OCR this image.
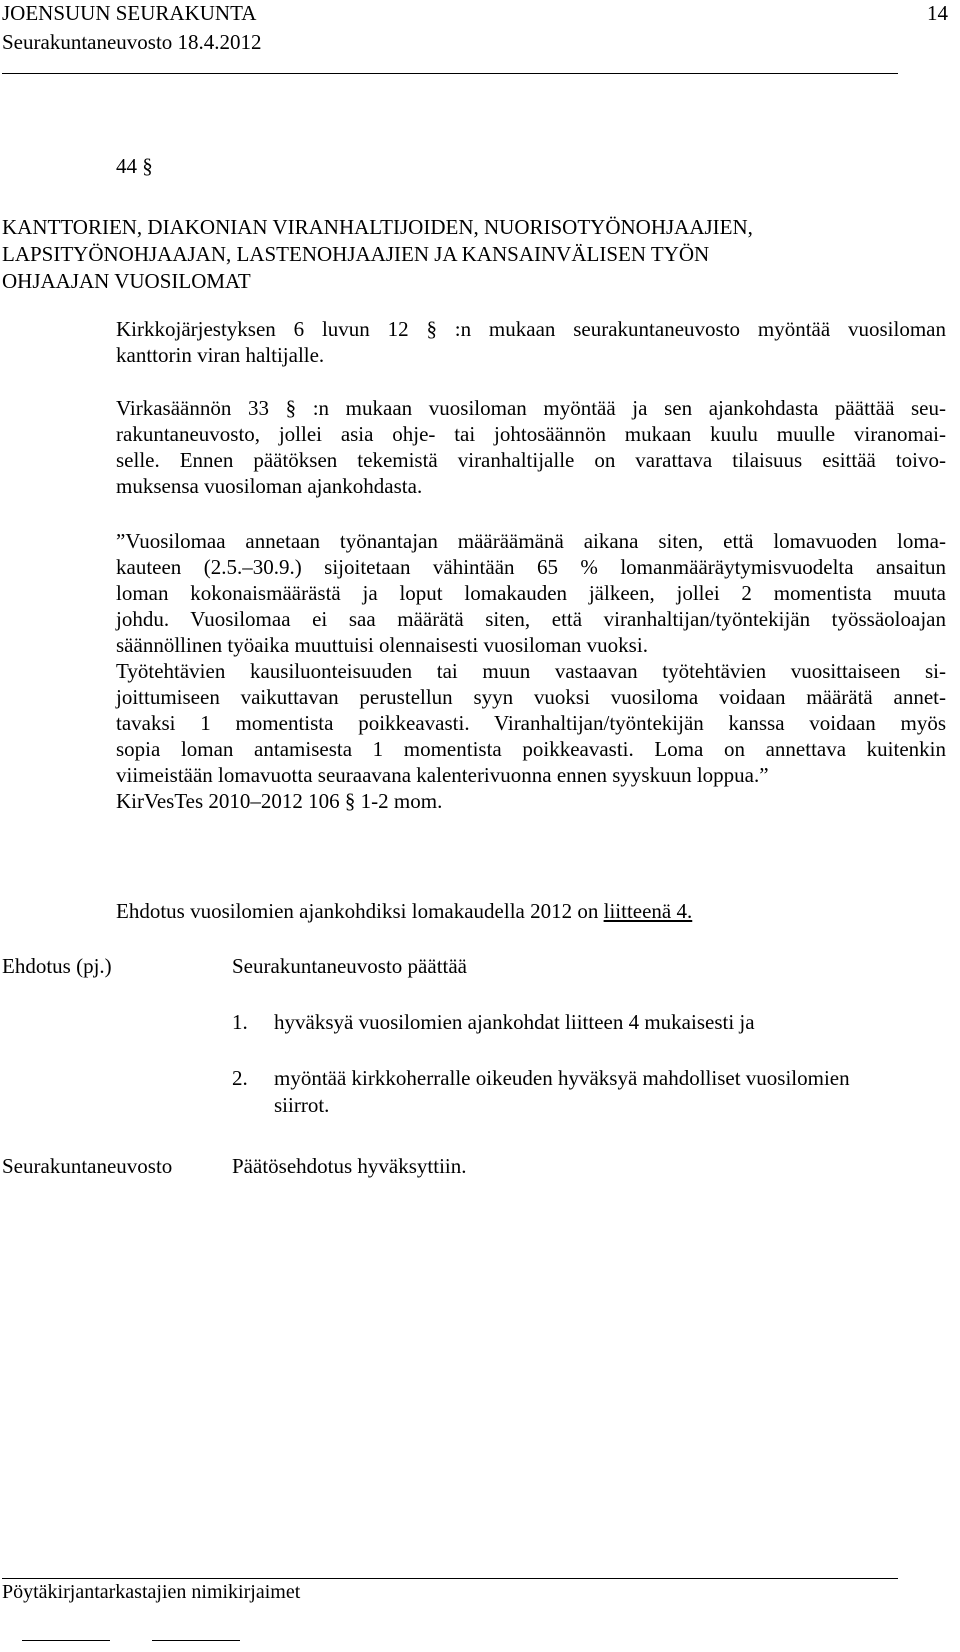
JOENSUUN SEURAKUNTA	14
Seurakuntaneuvosto 18.4.2012
44 §
KANTTORIEN, DIAKONIAN VIRANHALTIJOIDEN, NUORISOTYÖNOHJAAJIEN,
LAPSITYÖNOHJAAJAN, LASTENOHJAAJIEN JA KANSAINVÄLISEN TYÖN
OHJAAJAN VUOSILOMAT
Kirkkojärjestyksen 6 luvun 12 § :n mukaan seurakuntaneuvosto myöntää vuosiloman
kanttorin viran haltijalle.
Virkasäännön 33 § :n mukaan vuosiloman myöntää ja sen ajankohdasta päättää seu-
rakuntaneuvosto, jollei asia ohje- tai johtosäännön mukaan kuulu muulle viranomai-
selle. Ennen päätöksen tekemistä viranhaltijalle on varattava tilaisuus esittää toivo-
muksensa vuosiloman ajankohdasta.
”Vuosilomaa annetaan työnantajan määräämänä aikana siten, että lomavuoden loma-
kauteen (2.5.–30.9.) sijoitetaan vähintään 65 % lomanmääräytymisvuodelta ansaitun
loman kokonaismäärästä ja loput lomakauden jälkeen, jollei 2 momentista muuta
johdu. Vuosilomaa ei saa määrätä siten, että viranhaltijan/työntekijän työssäoloajan
säännöllinen työaika muuttuisi olennaisesti vuosiloman vuoksi.
Työtehtävien kausiluonteisuuden tai muun vastaavan työtehtävien vuosittaiseen si-
joittumiseen vaikuttavan perustellun syyn vuoksi vuosiloma voidaan määrätä annet-
tavaksi 1 momentista poikkeavasti. Viranhaltijan/työntekijän kanssa voidaan myös
sopia loman antamisesta 1 momentista poikkeavasti. Loma on annettava kuitenkin
viimeistään lomavuotta seuraavana kalenterivuonna ennen syyskuun loppua.”
KirVesTes 2010–2012 106 § 1-2 mom.
Ehdotus vuosilomien ajankohdiksi lomakaudella 2012 on liitteenä 4.
Ehdotus (pj.)	Seurakuntaneuvosto päättää
1. hyväksyä vuosilomien ajankohdat liitteen 4 mukaisesti ja
2. myöntää kirkkoherralle oikeuden hyväksyä mahdolliset vuosilomien
siirrot.
Seurakuntaneuvosto	Päätösehdotus hyväksyttiin.
Pöytäkirjantarkastajien nimikirjaimet
